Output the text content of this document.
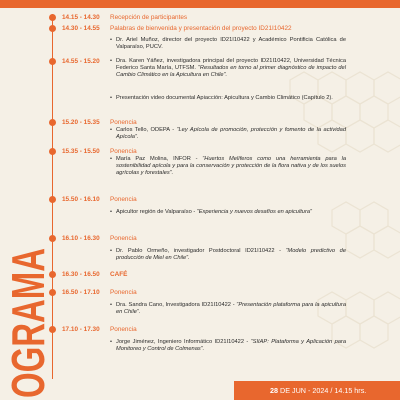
OGRAMA
14.15 - 14.30 Recepción de participantes
14.30 - 14.55 Palabras de bienvenida y presentación del proyecto ID21I10422
• Dr. Ariel Muñoz, director del proyecto ID21I10422 y Académico Pontificia Católica de Valparaíso, PUCV.
14.55 - 15.20 • Dra. Karen Yáñez, investigadora principal del proyecto ID21I10422, Universidad Técnica Federico Santa María, UTFSM. “Resultados en torno al primer diagnóstico de impacto del Cambio Climático en la Apicultura en Chile”.
• Presentación video documental Apiacción: Apicultura y Cambio Climático (Capítulo 2).
15.20 - 15.35 Ponencia
• Carlos Tello, ODEPA - “Ley Apícola de promoción, protección y fomento de la actividad Apícola”.
15.35 - 15.50 Ponencia
• María Paz Molina, INFOR - “Huertos Melíferos como una herramienta para la sostenibilidad apícola y para la conservación y protección de la flora nativa y de los suelos agrícolas y forestales”.
15.50 - 16.10 Ponencia
• Apicultor región de Valparaíso - “Experiencia y nuevos desafíos en apicultura”
16.10 - 16.30 Ponencia
• Dr. Pablo Ormeño, investigador Postdoctoral ID21I10422 - “Modelo predictivo de producción de Miel en Chile”.
16.30 - 16.50 CAFÉ
16.50 - 17.10 Ponencia
• Dra. Sandra Cano, Investigadora ID21I10422 - “Presentación plataforma para la apicultura en Chile”.
17.10 - 17.30 Ponencia
• Jorge Jiménez, Ingeniero Informático ID21I10422 - “SIIAP: Plataforma y Aplicación para Monitoreo y Control de Colmenas”.
28 DE JUN - 2024 / 14.15 hrs.
